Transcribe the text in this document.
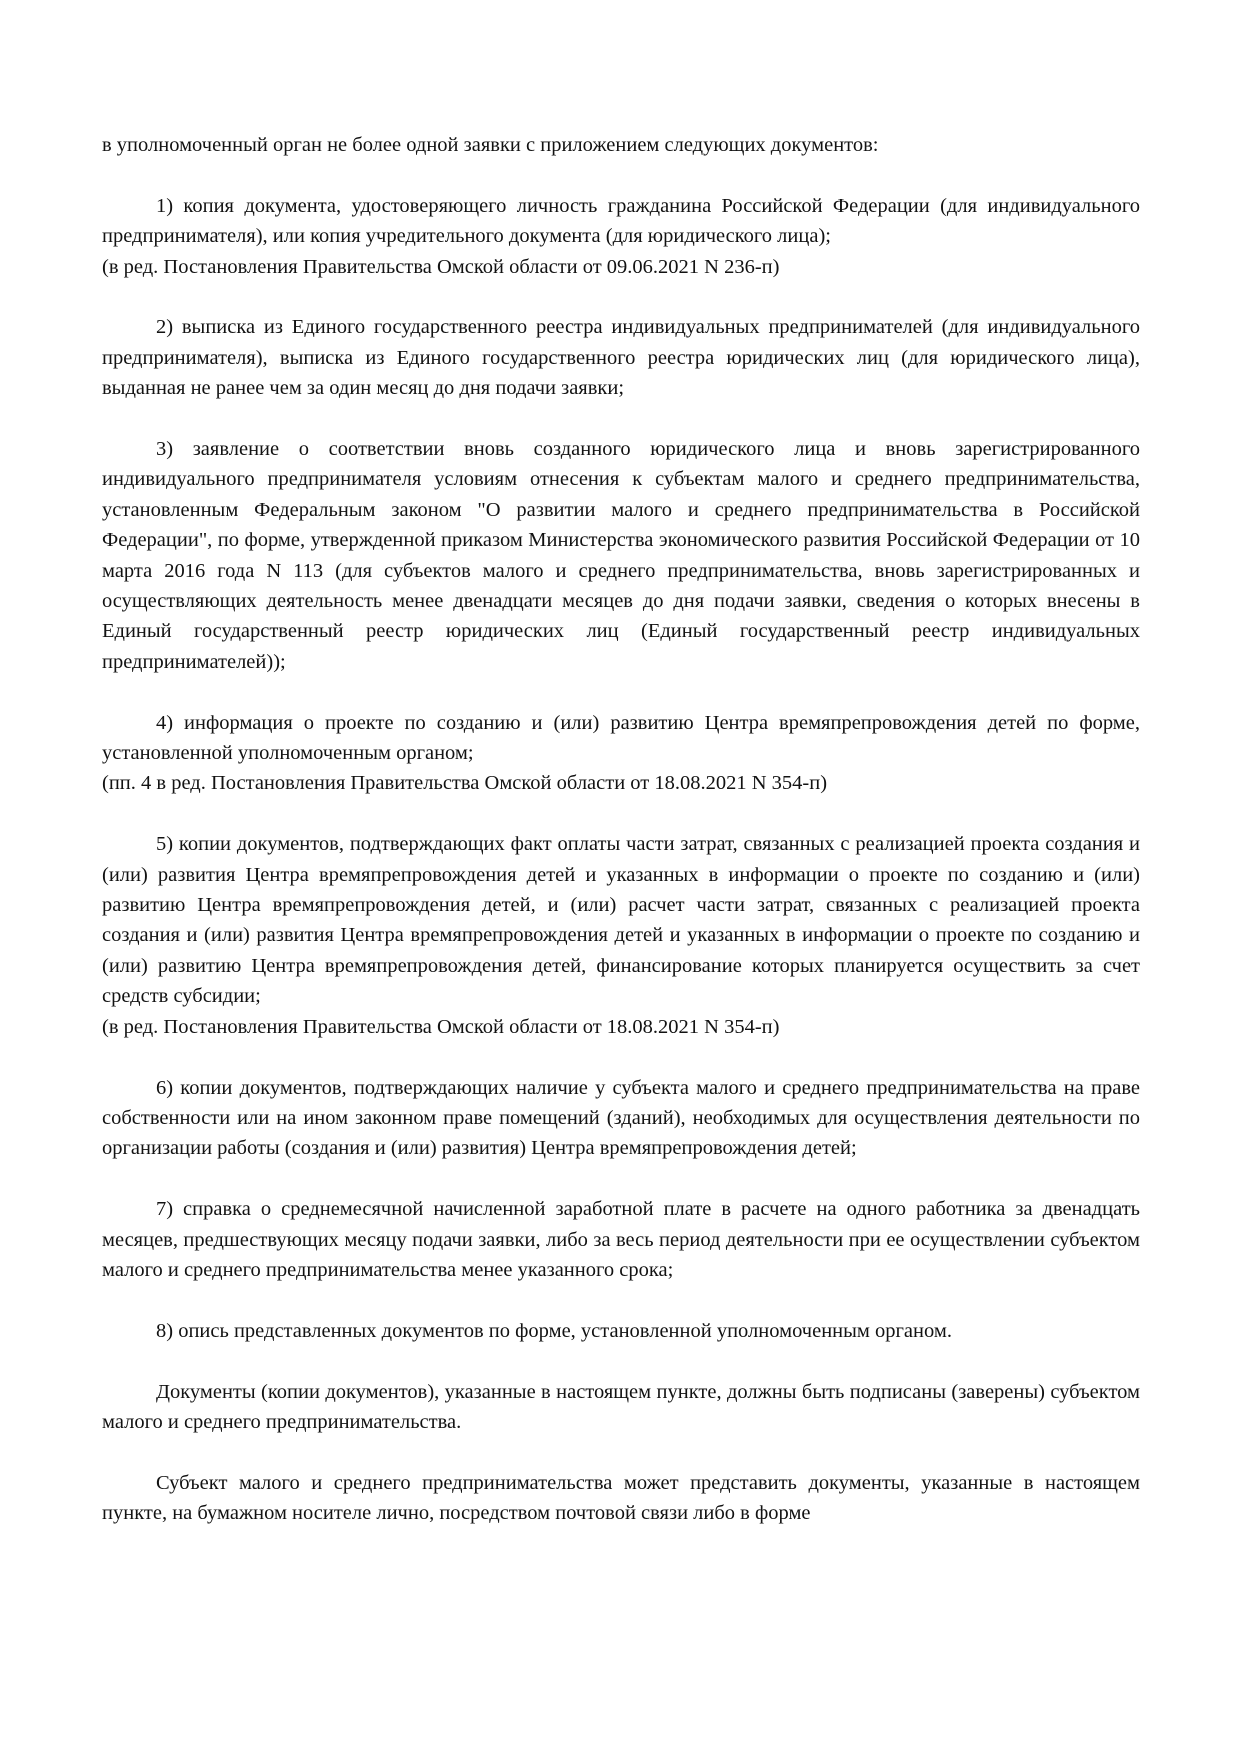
в уполномоченный орган не более одной заявки с приложением следующих документов:

1) копия документа, удостоверяющего личность гражданина Российской Федерации (для индивидуального предпринимателя), или копия учредительного документа (для юридического лица);

(в ред. Постановления Правительства Омской области от 09.06.2021 N 236-п)

2) выписка из Единого государственного реестра индивидуальных предпринимателей (для индивидуального предпринимателя), выписка из Единого государственного реестра юридических лиц (для юридического лица), выданная не ранее чем за один месяц до дня подачи заявки;

3) заявление о соответствии вновь созданного юридического лица и вновь зарегистрированного индивидуального предпринимателя условиям отнесения к субъектам малого и среднего предпринимательства, установленным Федеральным законом "О развитии малого и среднего предпринимательства в Российской Федерации", по форме, утвержденной приказом Министерства экономического развития Российской Федерации от 10 марта 2016 года N 113 (для субъектов малого и среднего предпринимательства, вновь зарегистрированных и осуществляющих деятельность менее двенадцати месяцев до дня подачи заявки, сведения о которых внесены в Единый государственный реестр юридических лиц (Единый государственный реестр индивидуальных предпринимателей));

4) информация о проекте по созданию и (или) развитию Центра времяпрепровождения детей по форме, установленной уполномоченным органом;

(пп. 4 в ред. Постановления Правительства Омской области от 18.08.2021 N 354-п)

5) копии документов, подтверждающих факт оплаты части затрат, связанных с реализацией проекта создания и (или) развития Центра времяпрепровождения детей и указанных в информации о проекте по созданию и (или) развитию Центра времяпрепровождения детей, и (или) расчет части затрат, связанных с реализацией проекта создания и (или) развития Центра времяпрепровождения детей и указанных в информации о проекте по созданию и (или) развитию Центра времяпрепровождения детей, финансирование которых планируется осуществить за счет средств субсидии;

(в ред. Постановления Правительства Омской области от 18.08.2021 N 354-п)

6) копии документов, подтверждающих наличие у субъекта малого и среднего предпринимательства на праве собственности или на ином законном праве помещений (зданий), необходимых для осуществления деятельности по организации работы (создания и (или) развития) Центра времяпрепровождения детей;

7) справка о среднемесячной начисленной заработной плате в расчете на одного работника за двенадцать месяцев, предшествующих месяцу подачи заявки, либо за весь период деятельности при ее осуществлении субъектом малого и среднего предпринимательства менее указанного срока;

8) опись представленных документов по форме, установленной уполномоченным органом.

Документы (копии документов), указанные в настоящем пункте, должны быть подписаны (заверены) субъектом малого и среднего предпринимательства.

Субъект малого и среднего предпринимательства может представить документы, указанные в настоящем пункте, на бумажном носителе лично, посредством почтовой связи либо в форме
